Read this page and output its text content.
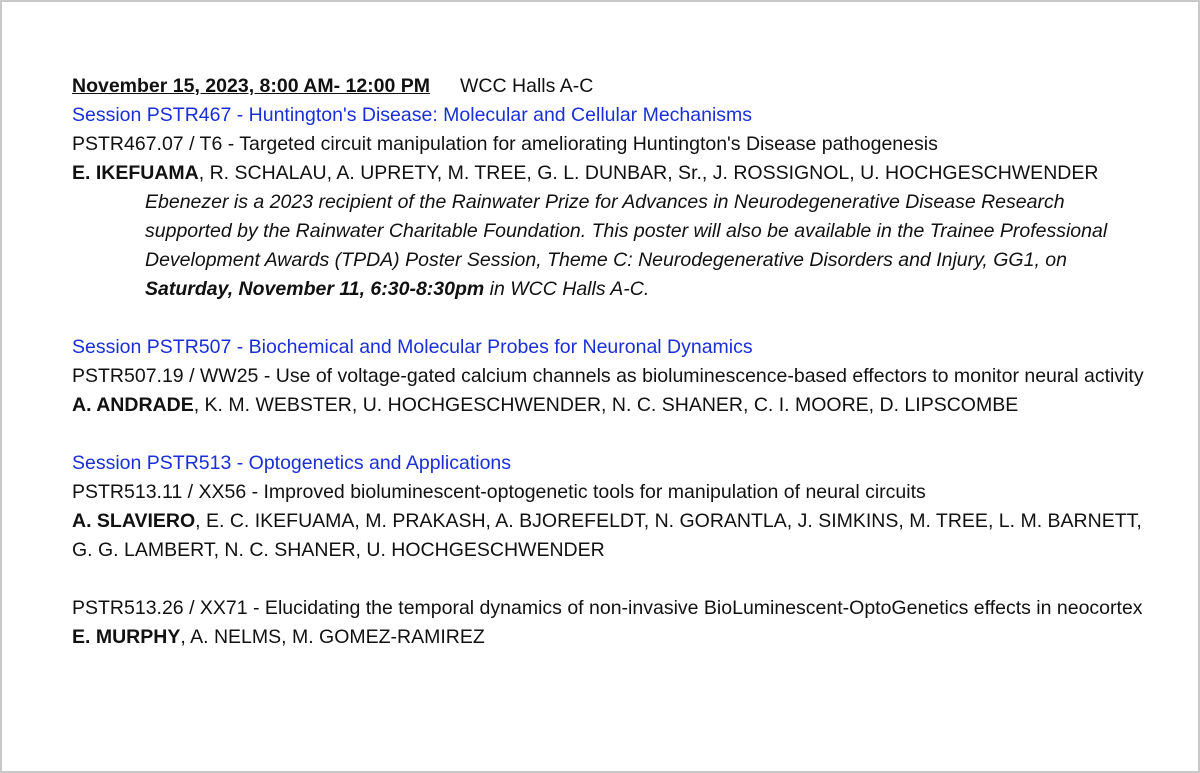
November 15, 2023, 8:00 AM- 12:00 PM WCC Halls A-C
Session PSTR467 - Huntington's Disease: Molecular and Cellular Mechanisms
PSTR467.07 / T6 - Targeted circuit manipulation for ameliorating Huntington's Disease pathogenesis
E. IKEFUAMA, R. SCHALAU, A. UPRETY, M. TREE, G. L. DUNBAR, Sr., J. ROSSIGNOL, U. HOCHGESCHWENDER
Ebenezer is a 2023 recipient of the Rainwater Prize for Advances in Neurodegenerative Disease Research supported by the Rainwater Charitable Foundation. This poster will also be available in the Trainee Professional Development Awards (TPDA) Poster Session, Theme C: Neurodegenerative Disorders and Injury, GG1, on Saturday, November 11, 6:30-8:30pm in WCC Halls A-C.
Session PSTR507 - Biochemical and Molecular Probes for Neuronal Dynamics
PSTR507.19 / WW25 - Use of voltage-gated calcium channels as bioluminescence-based effectors to monitor neural activity
A. ANDRADE, K. M. WEBSTER, U. HOCHGESCHWENDER, N. C. SHANER, C. I. MOORE, D. LIPSCOMBE
Session PSTR513 - Optogenetics and Applications
PSTR513.11 / XX56 - Improved bioluminescent-optogenetic tools for manipulation of neural circuits
A. SLAVIERO, E. C. IKEFUAMA, M. PRAKASH, A. BJOREFELDT, N. GORANTLA, J. SIMKINS, M. TREE, L. M. BARNETT, G. G. LAMBERT, N. C. SHANER, U. HOCHGESCHWENDER
PSTR513.26 / XX71 - Elucidating the temporal dynamics of non-invasive BioLuminescent-OptoGenetics effects in neocortex
E. MURPHY, A. NELMS, M. GOMEZ-RAMIREZ
